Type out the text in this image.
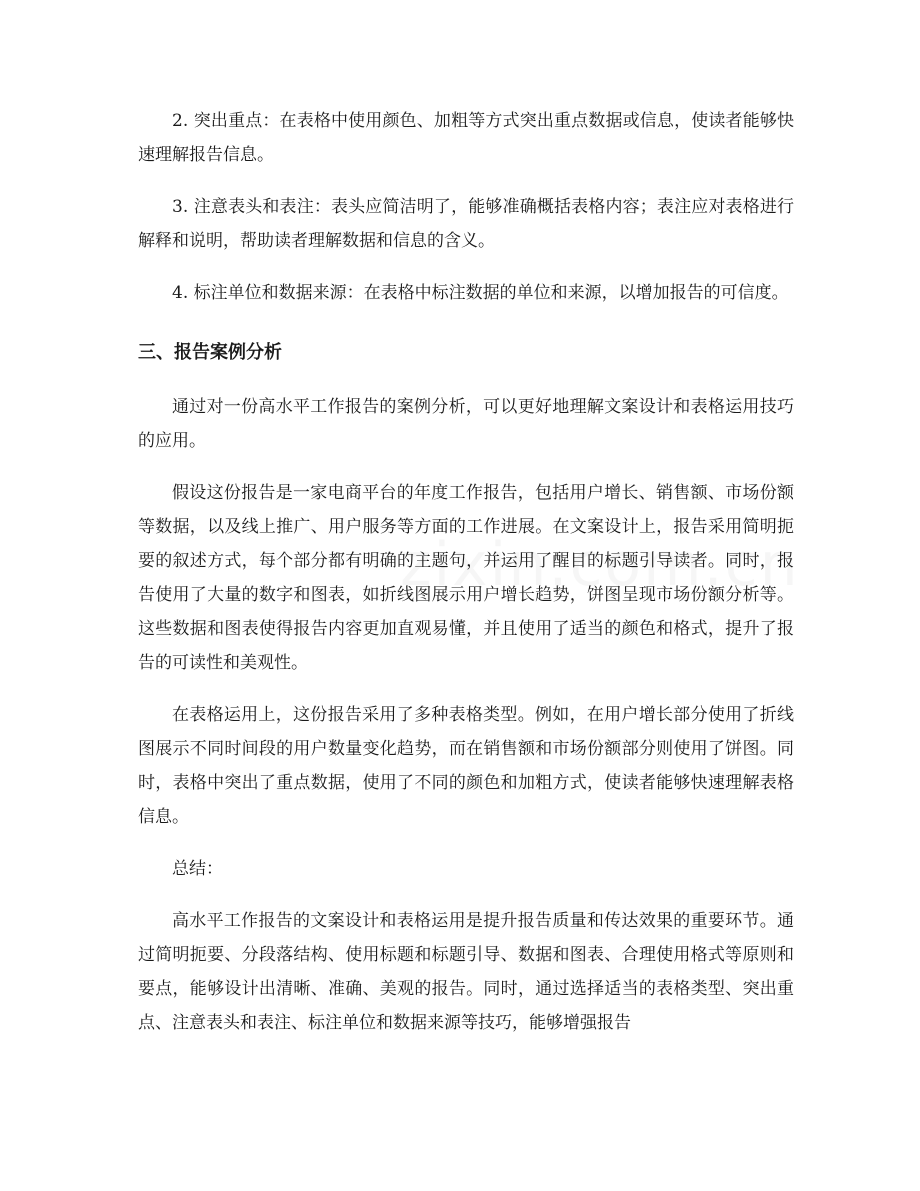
2. 突出重点：在表格中使用颜色、加粗等方式突出重点数据或信息，使读者能够快速理解报告信息。

3. 注意表头和表注：表头应简洁明了，能够准确概括表格内容；表注应对表格进行解释和说明，帮助读者理解数据和信息的含义。

4. 标注单位和数据来源：在表格中标注数据的单位和来源，以增加报告的可信度。

三、报告案例分析

通过对一份高水平工作报告的案例分析，可以更好地理解文案设计和表格运用技巧的应用。

假设这份报告是一家电商平台的年度工作报告，包括用户增长、销售额、市场份额等数据，以及线上推广、用户服务等方面的工作进展。在文案设计上，报告采用简明扼要的叙述方式，每个部分都有明确的主题句，并运用了醒目的标题引导读者。同时，报告使用了大量的数字和图表，如折线图展示用户增长趋势，饼图呈现市场份额分析等。这些数据和图表使得报告内容更加直观易懂，并且使用了适当的颜色和格式，提升了报告的可读性和美观性。

在表格运用上，这份报告采用了多种表格类型。例如，在用户增长部分使用了折线图展示不同时间段的用户数量变化趋势，而在销售额和市场份额部分则使用了饼图。同时，表格中突出了重点数据，使用了不同的颜色和加粗方式，使读者能够快速理解表格信息。

总结：

高水平工作报告的文案设计和表格运用是提升报告质量和传达效果的重要环节。通过简明扼要、分段落结构、使用标题和标题引导、数据和图表、合理使用格式等原则和要点，能够设计出清晰、准确、美观的报告。同时，通过选择适当的表格类型、突出重点、注意表头和表注、标注单位和数据来源等技巧，能够增强报告
